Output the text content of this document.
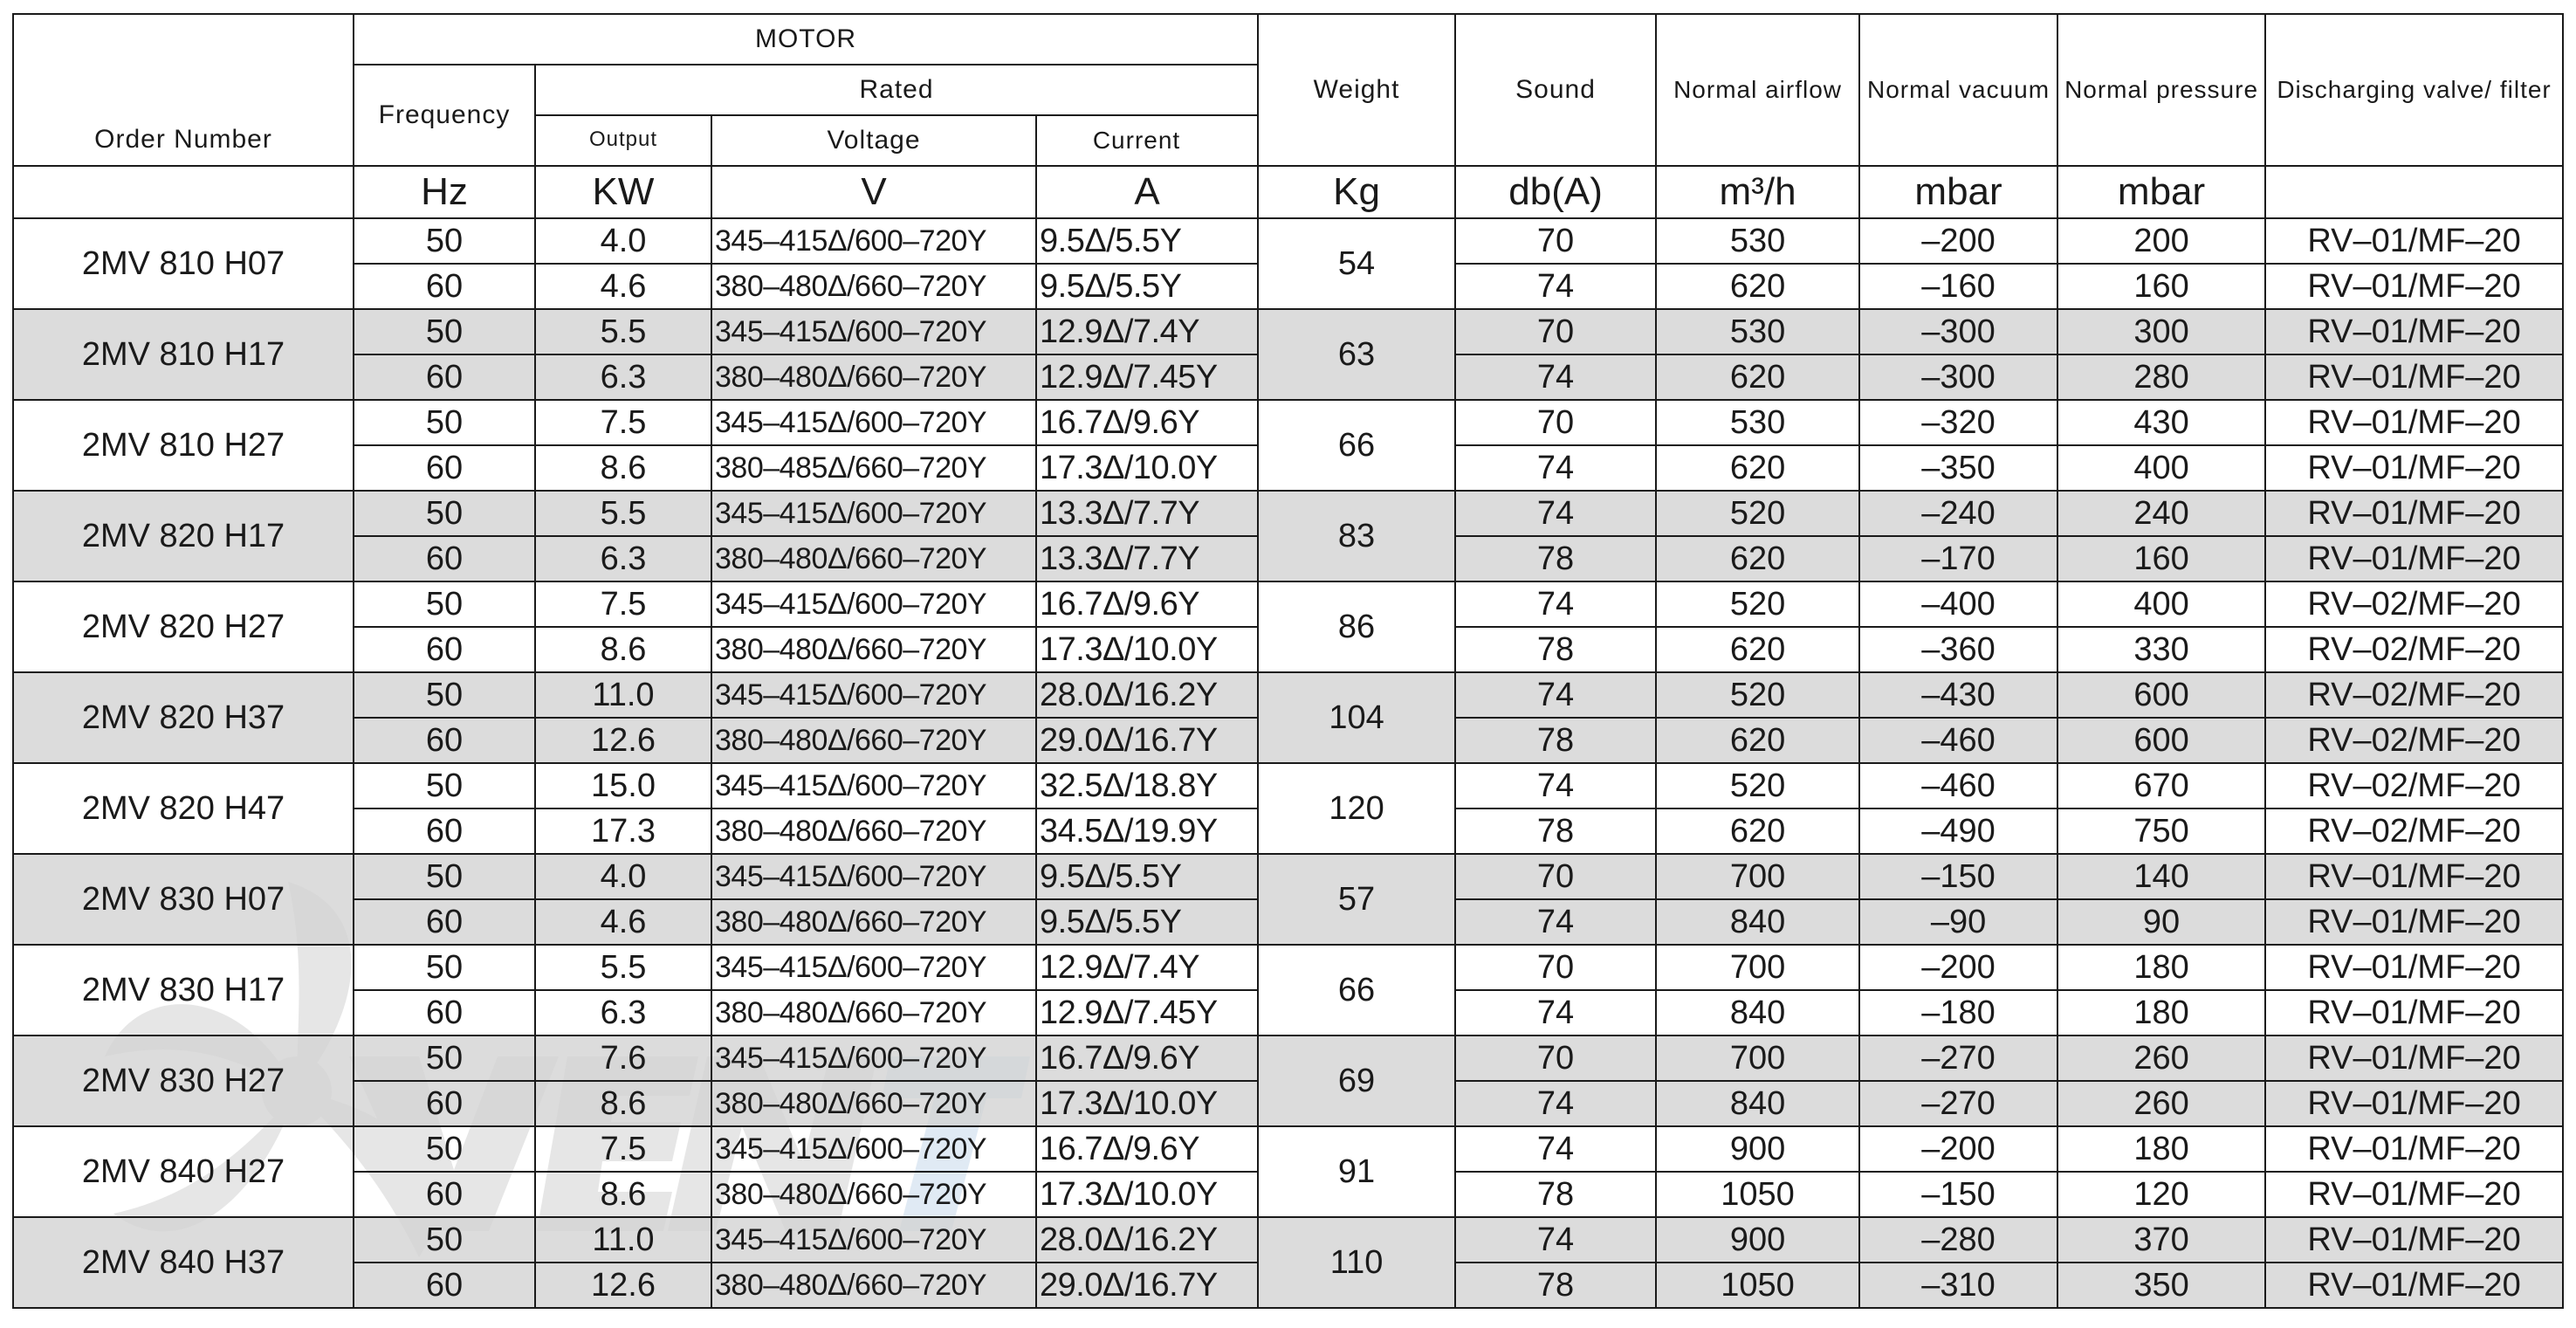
Order Number	MOTOR				Weight	Sound	Normal airflow	Normal vacuum	Normal pressure	Discharging valve/ filter
	Frequency	Rated								
		Output	Voltage	Current						
	Hz	KW	V	A	Kg	db(A)	m³/h	mbar	mbar	
2MV 810 H07	50	4.0	345–415Δ/600–720Y	9.5Δ/5.5Y	54	70	530	–200	200	RV–01/MF–20
	60	4.6	380–480Δ/660–720Y	9.5Δ/5.5Y		74	620	–160	160	RV–01/MF–20
2MV 810 H17	50	5.5	345–415Δ/600–720Y	12.9Δ/7.4Y	63	70	530	–300	300	RV–01/MF–20
	60	6.3	380–480Δ/660–720Y	12.9Δ/7.45Y		74	620	–300	280	RV–01/MF–20
2MV 810 H27	50	7.5	345–415Δ/600–720Y	16.7Δ/9.6Y	66	70	530	–320	430	RV–01/MF–20
	60	8.6	380–485Δ/660–720Y	17.3Δ/10.0Y		74	620	–350	400	RV–01/MF–20
2MV 820 H17	50	5.5	345–415Δ/600–720Y	13.3Δ/7.7Y	83	74	520	–240	240	RV–01/MF–20
	60	6.3	380–480Δ/660–720Y	13.3Δ/7.7Y		78	620	–170	160	RV–01/MF–20
2MV 820 H27	50	7.5	345–415Δ/600–720Y	16.7Δ/9.6Y	86	74	520	–400	400	RV–02/MF–20
	60	8.6	380–480Δ/660–720Y	17.3Δ/10.0Y		78	620	–360	330	RV–02/MF–20
2MV 820 H37	50	11.0	345–415Δ/600–720Y	28.0Δ/16.2Y	104	74	520	–430	600	RV–02/MF–20
	60	12.6	380–480Δ/660–720Y	29.0Δ/16.7Y		78	620	–460	600	RV–02/MF–20
2MV 820 H47	50	15.0	345–415Δ/600–720Y	32.5Δ/18.8Y	120	74	520	–460	670	RV–02/MF–20
	60	17.3	380–480Δ/660–720Y	34.5Δ/19.9Y		78	620	–490	750	RV–02/MF–20
2MV 830 H07	50	4.0	345–415Δ/600–720Y	9.5Δ/5.5Y	57	70	700	–150	140	RV–01/MF–20
	60	4.6	380–480Δ/660–720Y	9.5Δ/5.5Y		74	840	–90	90	RV–01/MF–20
2MV 830 H17	50	5.5	345–415Δ/600–720Y	12.9Δ/7.4Y	66	70	700	–200	180	RV–01/MF–20
	60	6.3	380–480Δ/660–720Y	12.9Δ/7.45Y		74	840	–180	180	RV–01/MF–20
2MV 830 H27	50	7.6	345–415Δ/600–720Y	16.7Δ/9.6Y	69	70	700	–270	260	RV–01/MF–20
	60	8.6	380–480Δ/660–720Y	17.3Δ/10.0Y		74	840	–270	260	RV–01/MF–20
2MV 840 H27	50	7.5	345–415Δ/600–720Y	16.7Δ/9.6Y	91	74	900	–200	180	RV–01/MF–20
	60	8.6	380–480Δ/660–720Y	17.3Δ/10.0Y		78	1050	–150	120	RV–01/MF–20
2MV 840 H37	50	11.0	345–415Δ/600–720Y	28.0Δ/16.2Y	110	74	900	–280	370	RV–01/MF–20
	60	12.6	380–480Δ/660–720Y	29.0Δ/16.7Y		78	1050	–310	350	RV–01/MF–20
